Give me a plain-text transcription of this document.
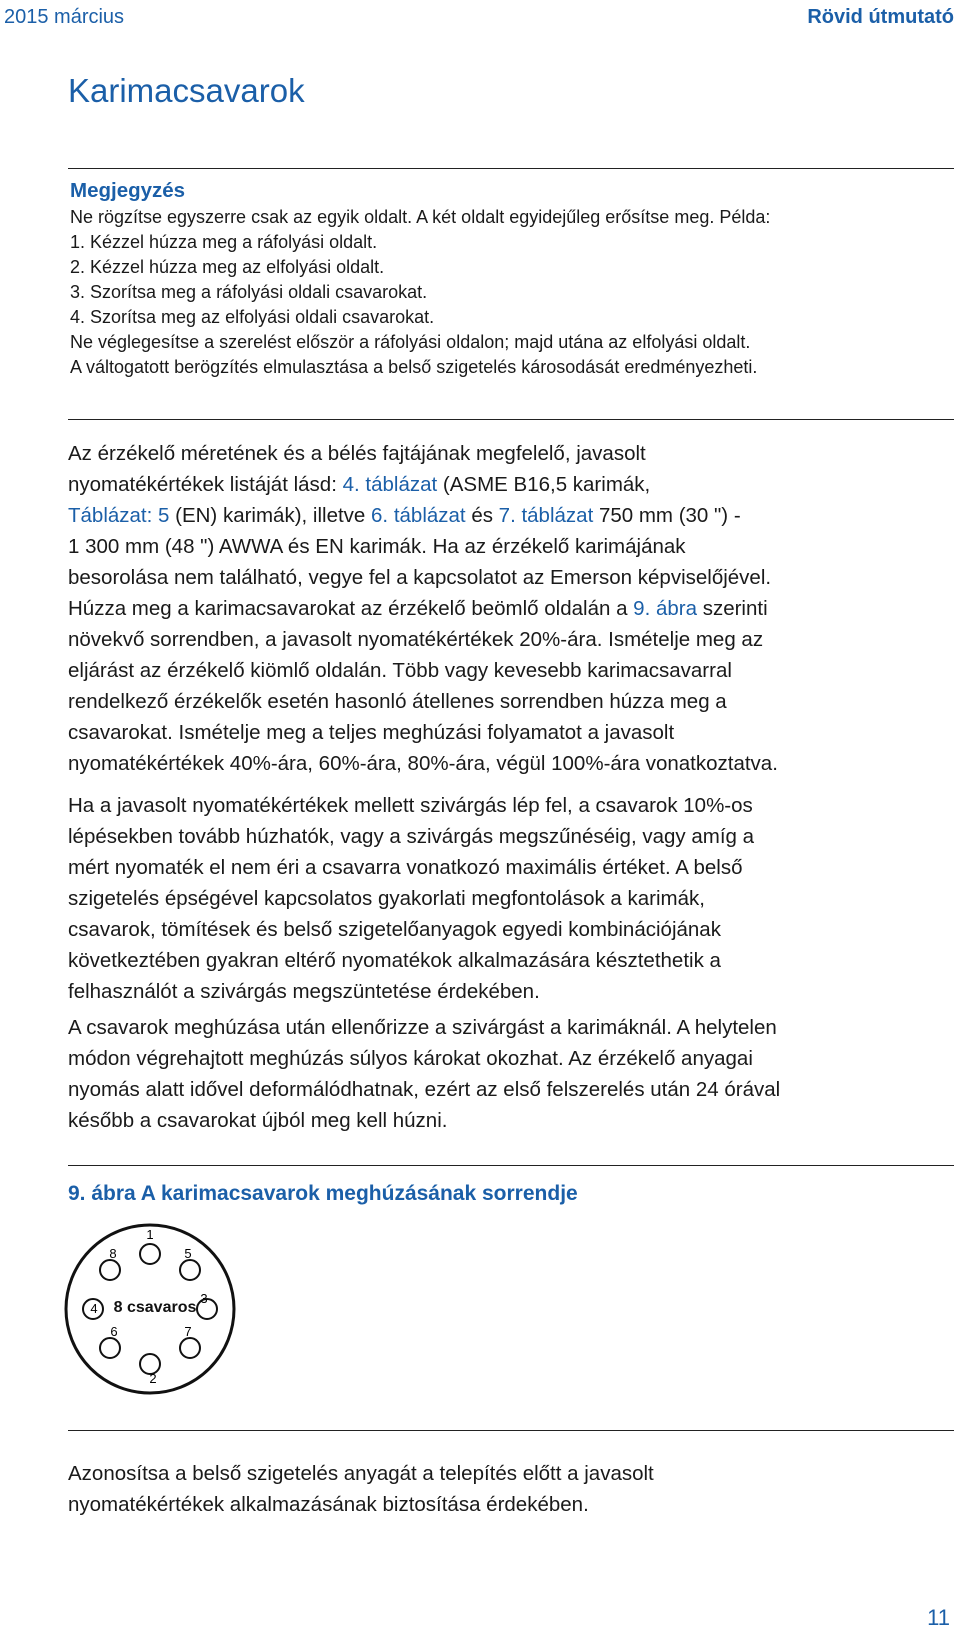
2015 március	Rövid útmutató
Karimacsavarok
Megjegyzés
Ne rögzítse egyszerre csak az egyik oldalt. A két oldalt egyidejűleg erősítse meg. Példa:
1. Kézzel húzza meg a ráfolyási oldalt.
2. Kézzel húzza meg az elfolyási oldalt.
3. Szorítsa meg a ráfolyási oldali csavarokat.
4. Szorítsa meg az elfolyási oldali csavarokat.
Ne véglegesítse a szerelést először a ráfolyási oldalon; majd utána az elfolyási oldalt.
A váltogatott berögzítés elmulasztása a belső szigetelés károsodását eredményezheti.
Az érzékelő méretének és a bélés fajtájának megfelelő, javasolt
nyomatékértékek listáját lásd: 4. táblázat (ASME B16,5 karimák,
Táblázat: 5 (EN) karimák), illetve 6. táblázat és 7. táblázat 750 mm (30 ") -
1 300 mm (48 ") AWWA és EN karimák. Ha az érzékelő karimájának
besorolása nem található, vegye fel a kapcsolatot az Emerson képviselőjével.
Húzza meg a karimacsavarokat az érzékelő beömlő oldalán a 9. ábra szerinti
növekvő sorrendben, a javasolt nyomatékértékek 20%-ára. Ismételje meg az
eljárást az érzékelő kiömlő oldalán. Több vagy kevesebb karimacsavarral
rendelkező érzékelők esetén hasonló átellenes sorrendben húzza meg a
csavarokat. Ismételje meg a teljes meghúzási folyamatot a javasolt
nyomatékértékek 40%-ára, 60%-ára, 80%-ára, végül 100%-ára vonatkoztatva.
Ha a javasolt nyomatékértékek mellett szivárgás lép fel, a csavarok 10%-os
lépésekben tovább húzhatók, vagy a szivárgás megszűnéséig, vagy amíg a
mért nyomaték el nem éri a csavarra vonatkozó maximális értéket. A belső
szigetelés épségével kapcsolatos gyakorlati megfontolások a karimák,
csavarok, tömítések és belső szigetelőanyagok egyedi kombinációjának
következtében gyakran eltérő nyomatékok alkalmazására késztethetik a
felhasználót a szivárgás megszüntetése érdekében.
A csavarok meghúzása után ellenőrizze a szivárgást a karimáknál. A helytelen
módon végrehajtott meghúzás súlyos károkat okozhat. Az érzékelő anyagai
nyomás alatt idővel deformálódhatnak, ezért az első felszerelés után 24 órával
később a csavarokat újból meg kell húzni.
9. ábra A karimacsavarok meghúzásának sorrendje
1
2
3
4
5
6	7
8
8 csavaros
Azonosítsa a belső szigetelés anyagát a telepítés előtt a javasolt
nyomatékértékek alkalmazásának biztosítása érdekében.
11
